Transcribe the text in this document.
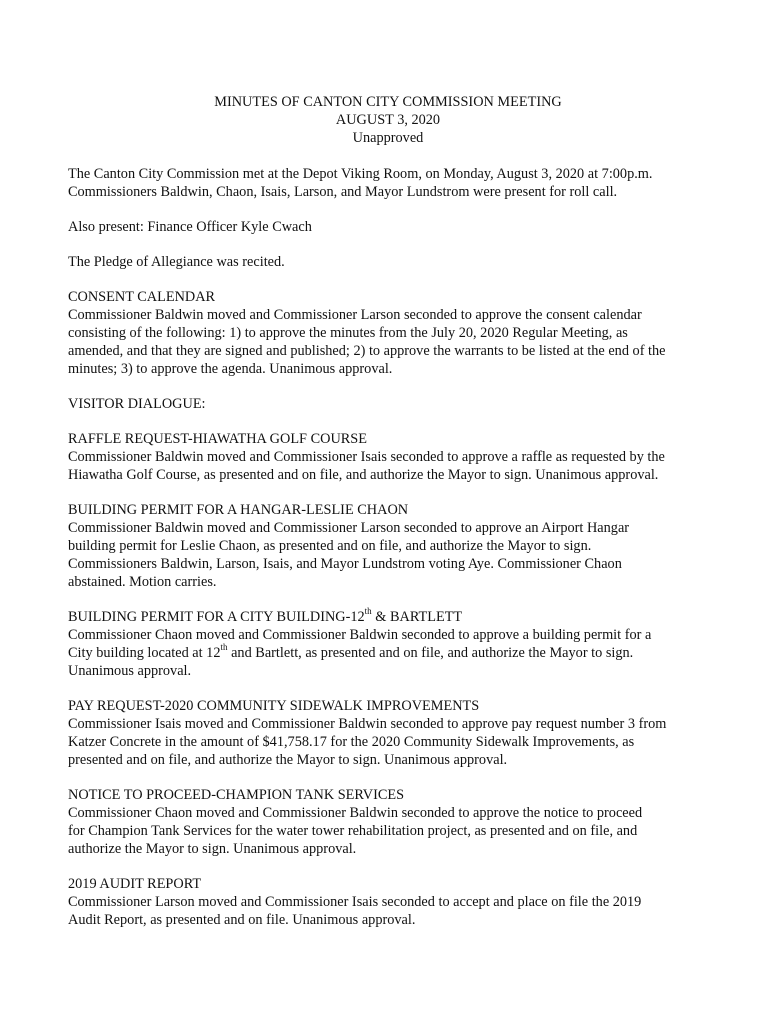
MINUTES OF CANTON CITY COMMISSION MEETING
AUGUST 3, 2020
Unapproved
The Canton City Commission met at the Depot Viking Room, on Monday, August 3, 2020 at 7:00p.m.
Commissioners Baldwin, Chaon, Isais, Larson, and Mayor Lundstrom were present for roll call.
Also present: Finance Officer Kyle Cwach
The Pledge of Allegiance was recited.
CONSENT CALENDAR
Commissioner Baldwin moved and Commissioner Larson seconded to approve the consent calendar
consisting of the following: 1) to approve the minutes from the July 20, 2020 Regular Meeting, as
amended, and that they are signed and published; 2) to approve the warrants to be listed at the end of the
minutes; 3) to approve the agenda. Unanimous approval.
VISITOR DIALOGUE:
RAFFLE REQUEST-HIAWATHA GOLF COURSE
Commissioner Baldwin moved and Commissioner Isais seconded to approve a raffle as requested by the
Hiawatha Golf Course, as presented and on file, and authorize the Mayor to sign. Unanimous approval.
BUILDING PERMIT FOR A HANGAR-LESLIE CHAON
Commissioner Baldwin moved and Commissioner Larson seconded to approve an Airport Hangar
building permit for Leslie Chaon, as presented and on file, and authorize the Mayor to sign.
Commissioners Baldwin, Larson, Isais, and Mayor Lundstrom voting Aye. Commissioner Chaon
abstained. Motion carries.
BUILDING PERMIT FOR A CITY BUILDING-12th & BARTLETT
Commissioner Chaon moved and Commissioner Baldwin seconded to approve a building permit for a
City building located at 12th and Bartlett, as presented and on file, and authorize the Mayor to sign.
Unanimous approval.
PAY REQUEST-2020 COMMUNITY SIDEWALK IMPROVEMENTS
Commissioner Isais moved and Commissioner Baldwin seconded to approve pay request number 3 from
Katzer Concrete in the amount of $41,758.17 for the 2020 Community Sidewalk Improvements, as
presented and on file, and authorize the Mayor to sign. Unanimous approval.
NOTICE TO PROCEED-CHAMPION TANK SERVICES
Commissioner Chaon moved and Commissioner Baldwin seconded to approve the notice to proceed
for Champion Tank Services for the water tower rehabilitation project, as presented and on file, and
authorize the Mayor to sign. Unanimous approval.
2019 AUDIT REPORT
Commissioner Larson moved and Commissioner Isais seconded to accept and place on file the 2019
Audit Report, as presented and on file. Unanimous approval.
